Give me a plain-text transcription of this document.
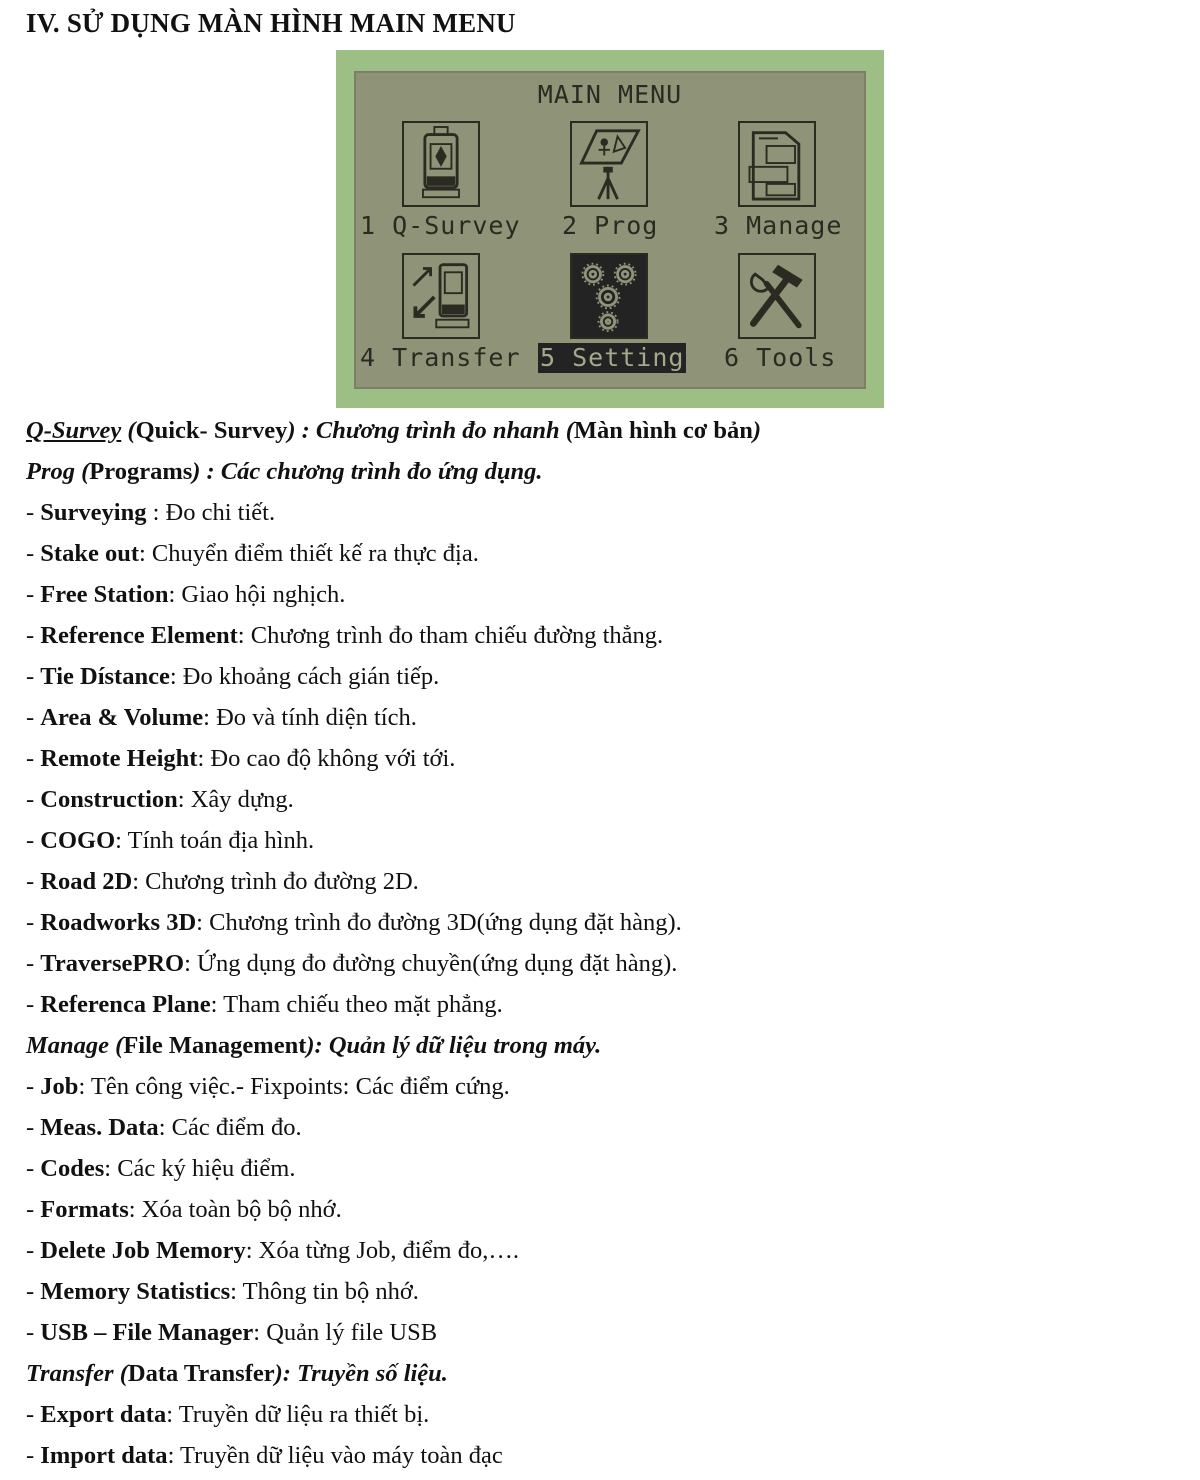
IV. SỬ DỤNG MÀN HÌNH MAIN MENU
MAIN MENU
1 Q-Survey 2 Prog 3 Manage
4 Transfer 5 Setting 6 Tools
Q-Survey (Quick- Survey) : Chương trình đo nhanh (Màn hình cơ bản)
Prog (Programs) : Các chương trình đo ứng dụng.
- Surveying : Đo chi tiết.
- Stake out: Chuyển điểm thiết kế ra thực địa.
- Free Station: Giao hội nghịch.
- Reference Element: Chương trình đo tham chiếu đường thẳng.
- Tie Dístance: Đo khoảng cách gián tiếp.
- Area & Volume: Đo và tính diện tích.
- Remote Height: Đo cao độ không với tới.
- Construction: Xây dựng.
- COGO: Tính toán địa hình.
- Road 2D: Chương trình đo đường 2D.
- Roadworks 3D: Chương trình đo đường 3D(ứng dụng đặt hàng).
- TraversePRO: Ứng dụng đo đường chuyền(ứng dụng đặt hàng).
- Referenca Plane: Tham chiếu theo mặt phẳng.
Manage (File Management): Quản lý dữ liệu trong máy.
- Job: Tên công việc.- Fixpoints: Các điểm cứng.
- Meas. Data: Các điểm đo.
- Codes: Các ký hiệu điểm.
- Formats: Xóa toàn bộ bộ nhớ.
- Delete Job Memory: Xóa từng Job, điểm đo,….
- Memory Statistics: Thông tin bộ nhớ.
- USB – File Manager: Quản lý file USB
Transfer (Data Transfer): Truyền số liệu.
- Export data: Truyền dữ liệu ra thiết bị.
- Import data: Truyền dữ liệu vào máy toàn đạc
